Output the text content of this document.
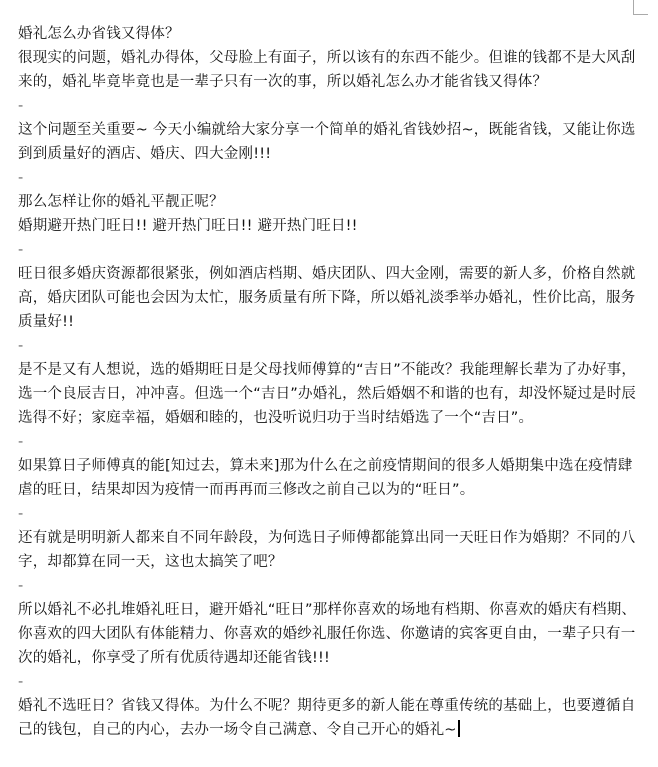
婚礼怎么办省钱又得体？

很现实的问题，婚礼办得体，父母脸上有面子，所以该有的东西不能少。但谁的钱都不是大风刮来的，婚礼毕竟毕竟也是一辈子只有一次的事，所以婚礼怎么办才能省钱又得体？

-

这个问题至关重要~ 今天小编就给大家分享一个简单的婚礼省钱妙招~，既能省钱，又能让你选到到质量好的酒店、婚庆、四大金刚!!!

-

那么怎样让你的婚礼平靓正呢？

婚期避开热门旺日!! 避开热门旺日!! 避开热门旺日!!

-

旺日很多婚庆资源都很紧张，例如酒店档期、婚庆团队、四大金刚，需要的新人多，价格自然就高，婚庆团队可能也会因为太忙，服务质量有所下降，所以婚礼淡季举办婚礼，性价比高，服务质量好!!

-

是不是又有人想说，选的婚期旺日是父母找师傅算的“吉日”不能改？我能理解长辈为了办好事，选一个良辰吉日，冲冲喜。但选一个“吉日”办婚礼，然后婚姻不和谐的也有，却没怀疑过是时辰选得不好；家庭幸福，婚姻和睦的，也没听说归功于当时结婚选了一个“吉日”。

-

如果算日子师傅真的能[知过去，算未来]那为什么在之前疫情期间的很多人婚期集中选在疫情肆虐的旺日，结果却因为疫情一而再再而三修改之前自己以为的“旺日”。

-

还有就是明明新人都来自不同年龄段，为何选日子师傅都能算出同一天旺日作为婚期？不同的八字，却都算在同一天，这也太搞笑了吧？

-

所以婚礼不必扎堆婚礼旺日，避开婚礼“旺日”那样你喜欢的场地有档期、你喜欢的婚庆有档期、你喜欢的四大团队有体能精力、你喜欢的婚纱礼服任你选、你邀请的宾客更自由，一辈子只有一次的婚礼，你享受了所有优质待遇却还能省钱!!!

-

婚礼不选旺日？省钱又得体。为什么不呢？期待更多的新人能在尊重传统的基础上，也要遵循自己的钱包，自己的内心，去办一场令自己满意、令自己开心的婚礼~
